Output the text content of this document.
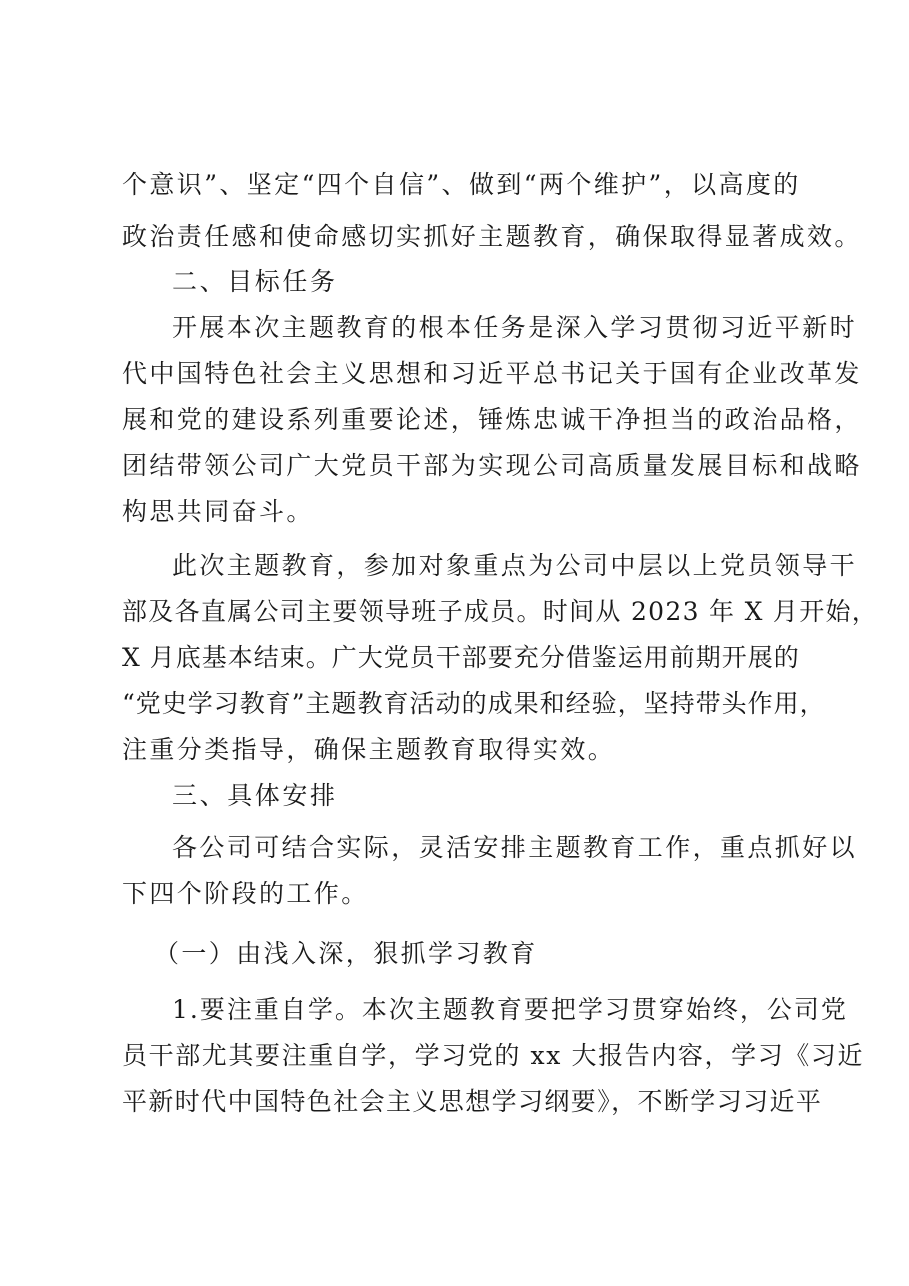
个意识”、坚定“四个自信”、做到“两个维护”，以高度的
政治责任感和使命感切实抓好主题教育，确保取得显著成效。
二、目标任务
开展本次主题教育的根本任务是深入学习贯彻习近平新时
代中国特色社会主义思想和习近平总书记关于国有企业改革发
展和党的建设系列重要论述，锤炼忠诚干净担当的政治品格，
团结带领公司广大党员干部为实现公司高质量发展目标和战略
构思共同奋斗。
此次主题教育，参加对象重点为公司中层以上党员领导干
部及各直属公司主要领导班子成员。时间从 2023 年 X 月开始，
X 月底基本结束。广大党员干部要充分借鉴运用前期开展的
“党史学习教育”主题教育活动的成果和经验，坚持带头作用，
注重分类指导，确保主题教育取得实效。
三、具体安排
各公司可结合实际，灵活安排主题教育工作，重点抓好以
下四个阶段的工作。
（一）由浅入深，狠抓学习教育
1.要注重自学。本次主题教育要把学习贯穿始终，公司党
员干部尤其要注重自学，学习党的 xx 大报告内容，学习《习近
平新时代中国特色社会主义思想学习纲要》，不断学习习近平
